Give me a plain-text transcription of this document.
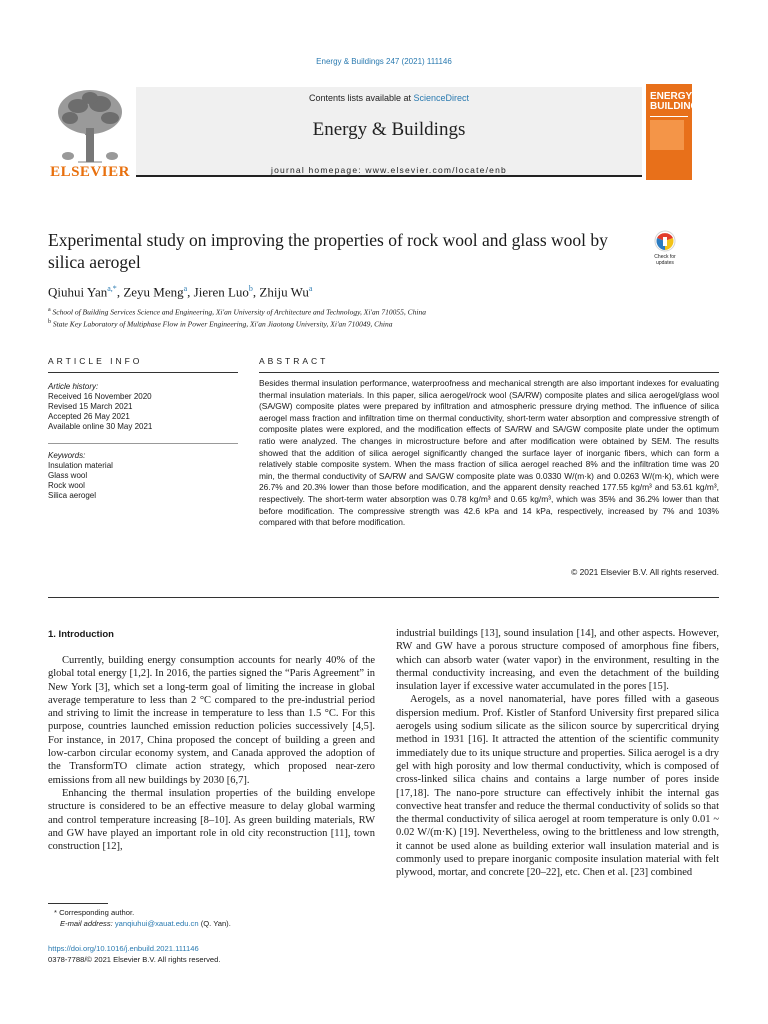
Energy & Buildings 247 (2021) 111146
ELSEVIER
Contents lists available at ScienceDirect
Energy & Buildings
journal homepage: www.elsevier.com/locate/enb
ENERGY BUILDINGS
Experimental study on improving the properties of rock wool and glass wool by silica aerogel	Check for
updates
Qiuhui Yan$^{a,*}$, Zeyu Meng$^a$, Jieren Luo$^b$, Zhiju Wu$^a$
$^a$ School of Building Services Science and Engineering, Xi'an University of Architecture and Technology, Xi'an 710055, China
$^b$ State Key Laboratory of Multiphase Flow in Power Engineering, Xi'an Jiaotong University, Xi'an 710049, China
ARTICLE INFO	ABSTRACT
Article history:
Received 16 November 2020
Revised 15 March 2021
Accepted 26 May 2021
Available online 30 May 2021
Keywords:
Insulation material
Glass wool
Rock wool
Silica aerogel
Besides thermal insulation performance, waterproofness and mechanical strength are also important indexes for evaluating thermal insulation materials. In this paper, silica aerogel/rock wool (SA/RW) composite plates and silica aerogel/glass wool (SA/GW) composite plates were prepared by infiltration and atmospheric pressure drying method. The influence of silica aerogel mass fraction and infiltration time on thermal conductivity, short-term water absorption and compressive strength of composite plates were explored, and the modification effects of SA/RW and SA/GW composite plate under the optimum ratio were analyzed. The changes in microstructure before and after modification were obtained by SEM. The results showed that the addition of silica aerogel significantly changed the surface layer of inorganic fibers, which can form a relatively stable composite system. When the mass fraction of silica aerogel reached 8% and the infiltration time was 20 min, the thermal conductivity of SA/RW and SA/GW composite plate was 0.0330 W/(m·k) and 0.0263 W/(m·k), which were 26.7% and 20.3% lower than those before modification, and the apparent density reached 177.55 kg/m³ and 53.61 kg/m³, respectively. The short-term water absorption was 0.78 kg/m³ and 0.65 kg/m³, which was 35% and 36.2% lower than that before modification. The compressive strength was 42.6 kPa and 14 kPa, respectively, increased by 7% and 103% compared with that before modification.
© 2021 Elsevier B.V. All rights reserved.
1. Introduction

Currently, building energy consumption accounts for nearly 40% of the global total energy [1,2]. In 2016, the parties signed the “Paris Agreement” in New York [3], which set a long-term goal of limiting the increase in global average temperature to less than 2 °C compared to the pre-industrial period and striving to limit the increase in temperature to less than 1.5 °C. For this purpose, countries launched emission reduction policies successively [4,5]. For instance, in 2017, China proposed the concept of building a green and low-carbon circular economy system, and Canada approved the adoption of the TransformTO climate action strategy, which proposed near-zero emissions from all new buildings by 2030 [6,7].

Enhancing the thermal insulation properties of the building envelope structure is considered to be an effective measure to delay global warming and control temperature increasing [8–10]. As green building materials, RW and GW have played an important role in old city reconstruction [11], town construction [12],

industrial buildings [13], sound insulation [14], and other aspects. However, RW and GW have a porous structure composed of amorphous fine fibers, which can absorb water (water vapor) in the environment, resulting in the thermal conductivity increasing, and even the detachment of the building insulation layer if excessive water accumulated in the pores [15].

Aerogels, as a novel nanomaterial, have pores filled with a gaseous dispersion medium. Prof. Kistler of Stanford University first prepared silica aerogels using sodium silicate as the silicon source by supercritical drying method in 1931 [16]. It attracted the attention of the scientific community immediately due to its unique structure and properties. Silica aerogel is a dry gel with high porosity and low thermal conductivity, which is composed of cross-linked silica chains and contains a large number of pores inside [17,18]. The nano-pore structure can effectively inhibit the internal gas convective heat transfer and reduce the thermal conductivity of solids so that the thermal conductivity of silica aerogel at room temperature is only 0.01 ~ 0.02 W/(m·K) [19]. Nevertheless, owing to the brittleness and low strength, it cannot be used alone as building exterior wall insulation material and is commonly used to prepare inorganic composite insulation material with felt plywood, mortar, and concrete [20–22], etc. Chen et al. [23] combined

* Corresponding author.
E-mail address: yanqiuhui@xauat.edu.cn (Q. Yan).
https://doi.org/10.1016/j.enbuild.2021.111146
0378-7788/© 2021 Elsevier B.V. All rights reserved.
